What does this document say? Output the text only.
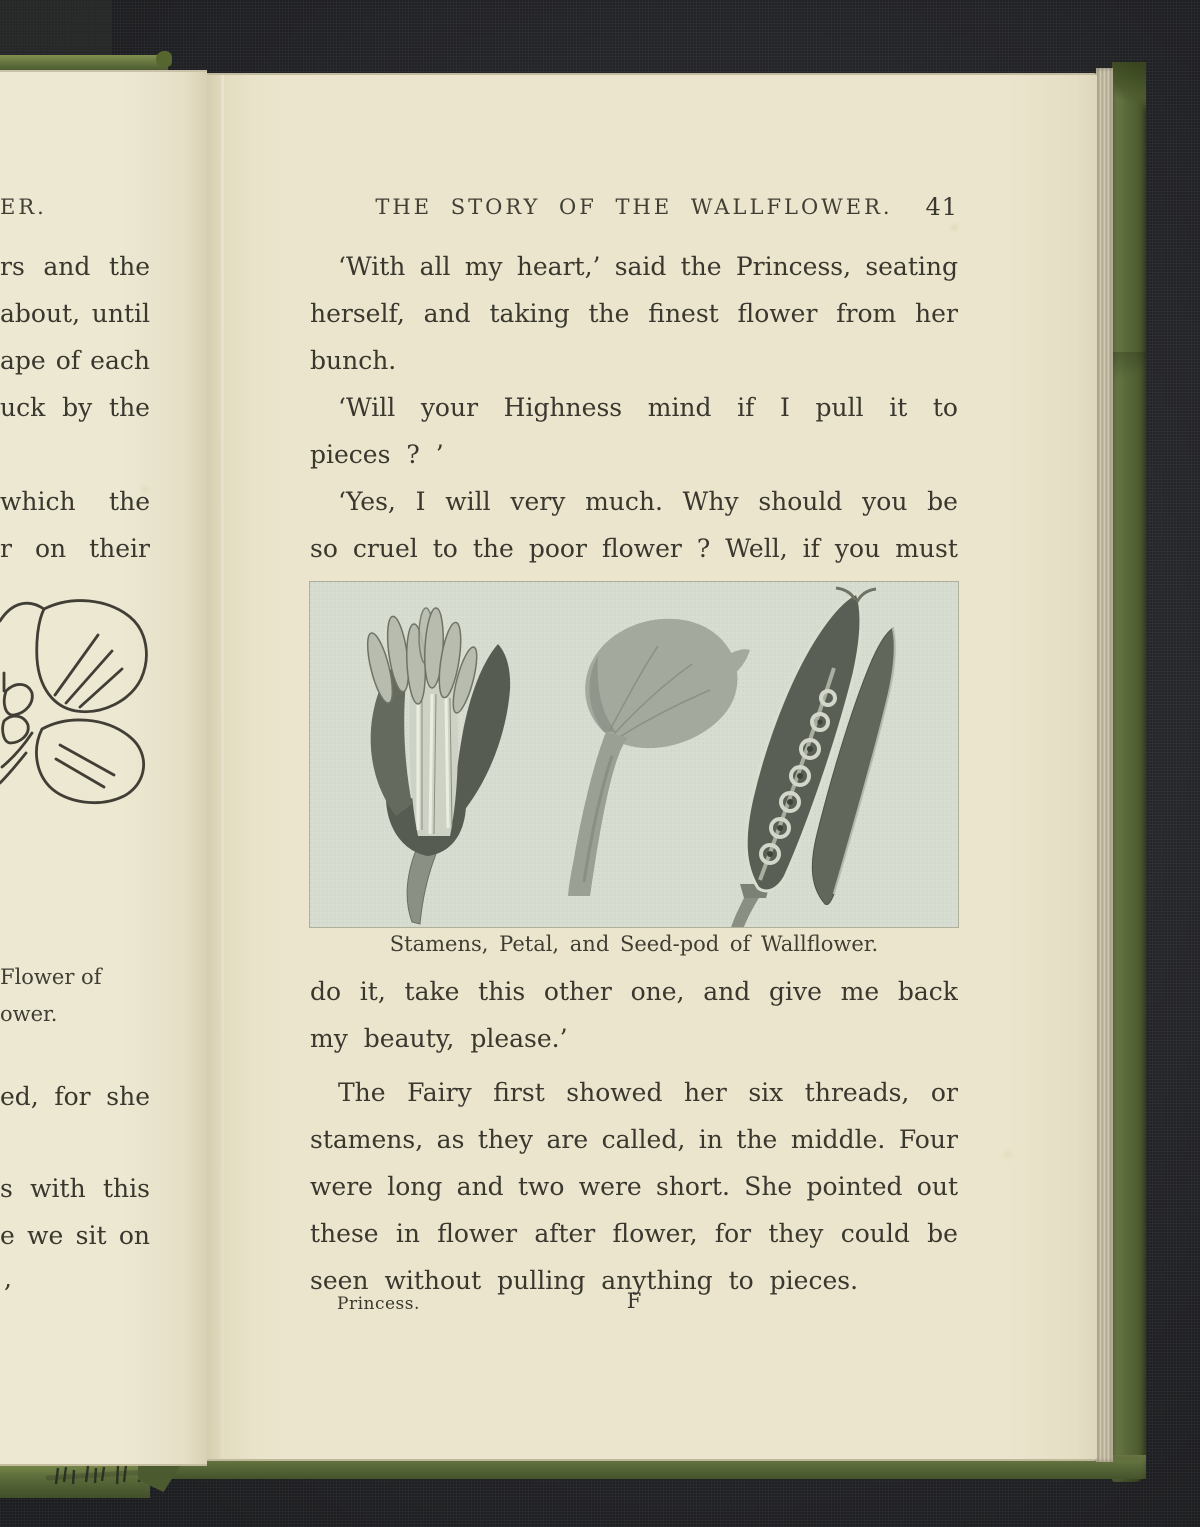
ER.
rs and the
about, until
ape of each
uck by the
which the
r on their
Flower of
ower.
ed, for she
s with this
e we sit on
,
THE STORY OF THE WALLFLOWER.	41
‘With all my heart,’ said the Princess, seating
herself, and taking the finest flower from her
bunch.
‘Will your Highness mind if I pull it to
pieces ? ’
‘Yes, I will very much. Why should you be
so cruel to the poor flower ? Well, if you must
Stamens, Petal, and Seed-pod of Wallflower.
do it, take this other one, and give me back
my beauty, please.’
The Fairy first showed her six threads, or
stamens, as they are called, in the middle. Four
were long and two were short. She pointed out
these in flower after flower, for they could be
seen without pulling anything to pieces.
Princess.	F
